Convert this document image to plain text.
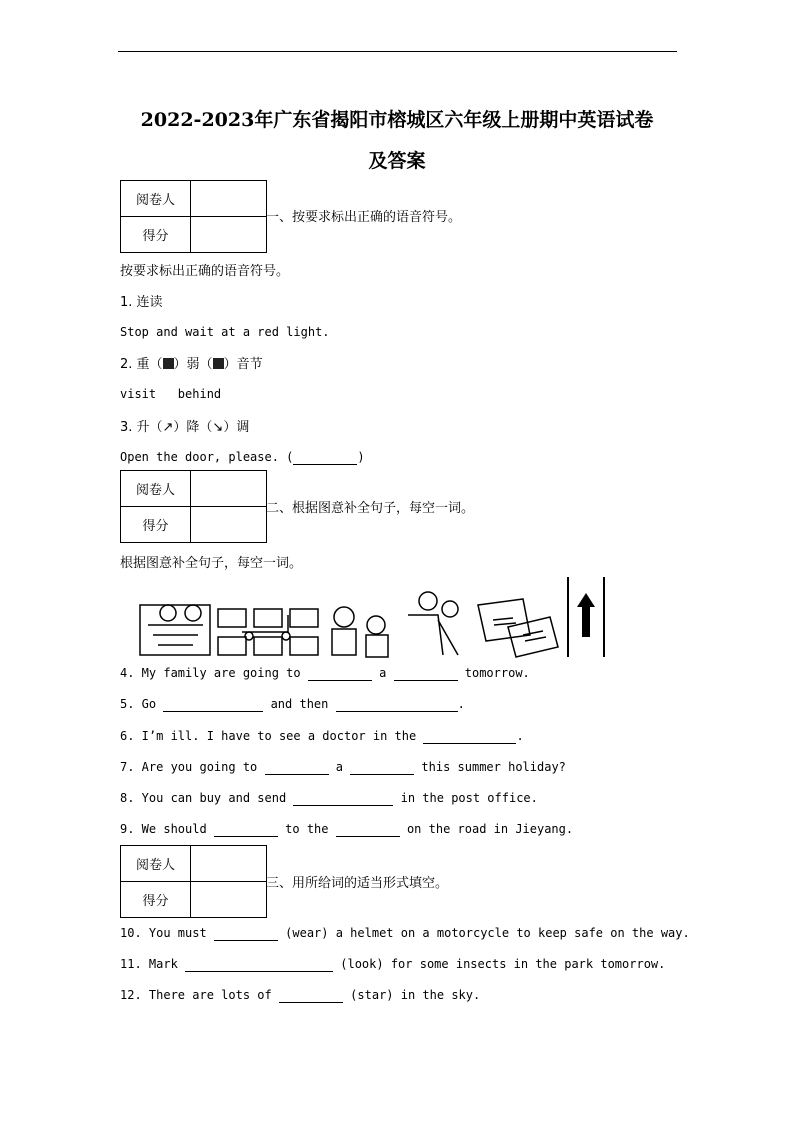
2022-2023年广东省揭阳市榕城区六年级上册期中英语试卷
及答案
阅卷人	
得分	
一、按要求标出正确的语音符号。
按要求标出正确的语音符号。
1. 连读
Stop and wait at a red light.
2. 重（ ）弱（ ）音节
visit   behind
3. 升（↗）降（↘）调
Open the door, please. (	)
阅卷人	
得分	
二、根据图意补全句子，每空一词。
根据图意补全句子，每空一词。
4. My family are going to	a	tomorrow.
5. Go	and then	.
6. I’m ill. I have to see a doctor in the	.
7. Are you going to	a	this summer holiday?
8. You can buy and send	in the post office.
9. We should	to the	on the road in Jieyang.
阅卷人	
得分	
三、用所给词的适当形式填空。
10. You must	(wear) a helmet on a motorcycle to keep safe on the way.
11. Mark	(look) for some insects in the park tomorrow.
12. There are lots of	(star) in the sky.
